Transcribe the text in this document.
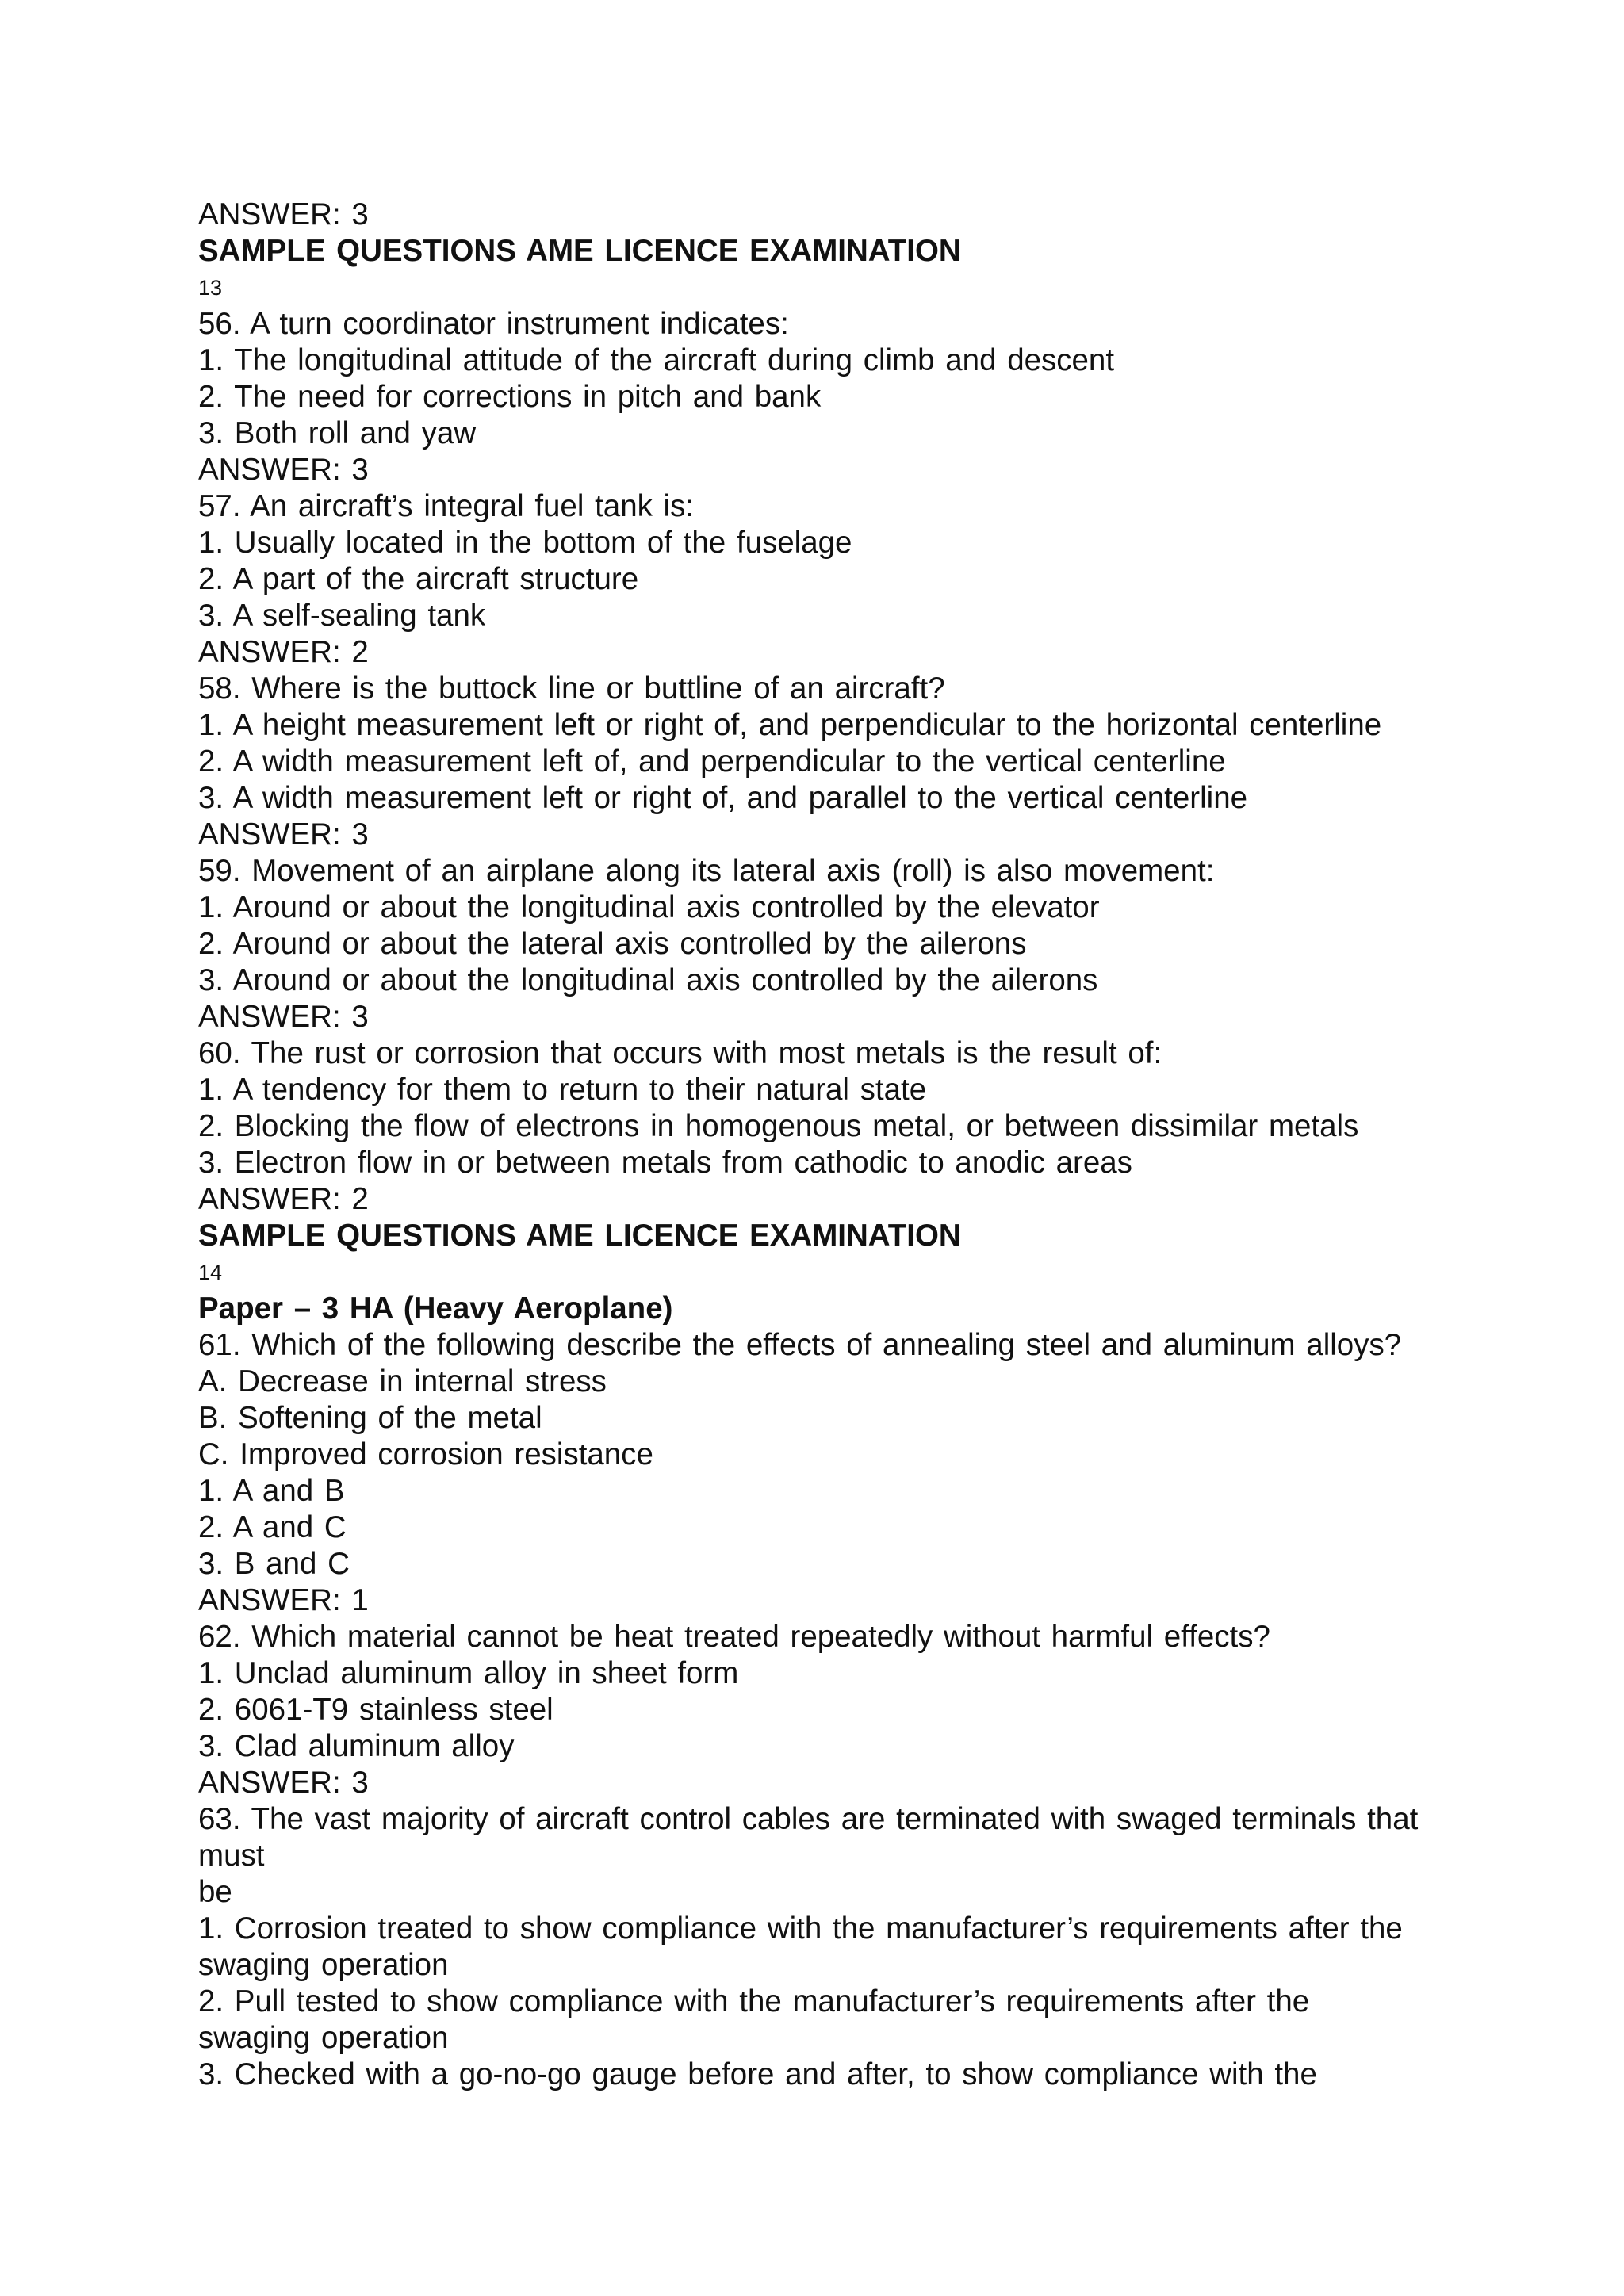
ANSWER: 3
SAMPLE QUESTIONS AME LICENCE EXAMINATION
13
56. A turn coordinator instrument indicates:
1. The longitudinal attitude of the aircraft during climb and descent
2. The need for corrections in pitch and bank
3. Both roll and yaw
ANSWER: 3
57. An aircraft’s integral fuel tank is:
1. Usually located in the bottom of the fuselage
2. A part of the aircraft structure
3. A self-sealing tank
ANSWER: 2
58. Where is the buttock line or buttline of an aircraft?
1. A height measurement left or right of, and perpendicular to the horizontal centerline
2. A width measurement left of, and perpendicular to the vertical centerline
3. A width measurement left or right of, and parallel to the vertical centerline
ANSWER: 3
59. Movement of an airplane along its lateral axis (roll) is also movement:
1. Around or about the longitudinal axis controlled by the elevator
2. Around or about the lateral axis controlled by the ailerons
3. Around or about the longitudinal axis controlled by the ailerons
ANSWER: 3
60. The rust or corrosion that occurs with most metals is the result of:
1. A tendency for them to return to their natural state
2. Blocking the flow of electrons in homogenous metal, or between dissimilar metals
3. Electron flow in or between metals from cathodic to anodic areas
ANSWER: 2
SAMPLE QUESTIONS AME LICENCE EXAMINATION
14
Paper – 3 HA (Heavy Aeroplane)
61. Which of the following describe the effects of annealing steel and aluminum alloys?
A. Decrease in internal stress
B. Softening of the metal
C. Improved corrosion resistance
1. A and B
2. A and C
3. B and C
ANSWER: 1
62. Which material cannot be heat treated repeatedly without harmful effects?
1. Unclad aluminum alloy in sheet form
2. 6061-T9 stainless steel
3. Clad aluminum alloy
ANSWER: 3
63. The vast majority of aircraft control cables are terminated with swaged terminals that
must
be
1. Corrosion treated to show compliance with the manufacturer’s requirements after the
swaging operation
2. Pull tested to show compliance with the manufacturer’s requirements after the
swaging operation
3. Checked with a go-no-go gauge before and after, to show compliance with the
